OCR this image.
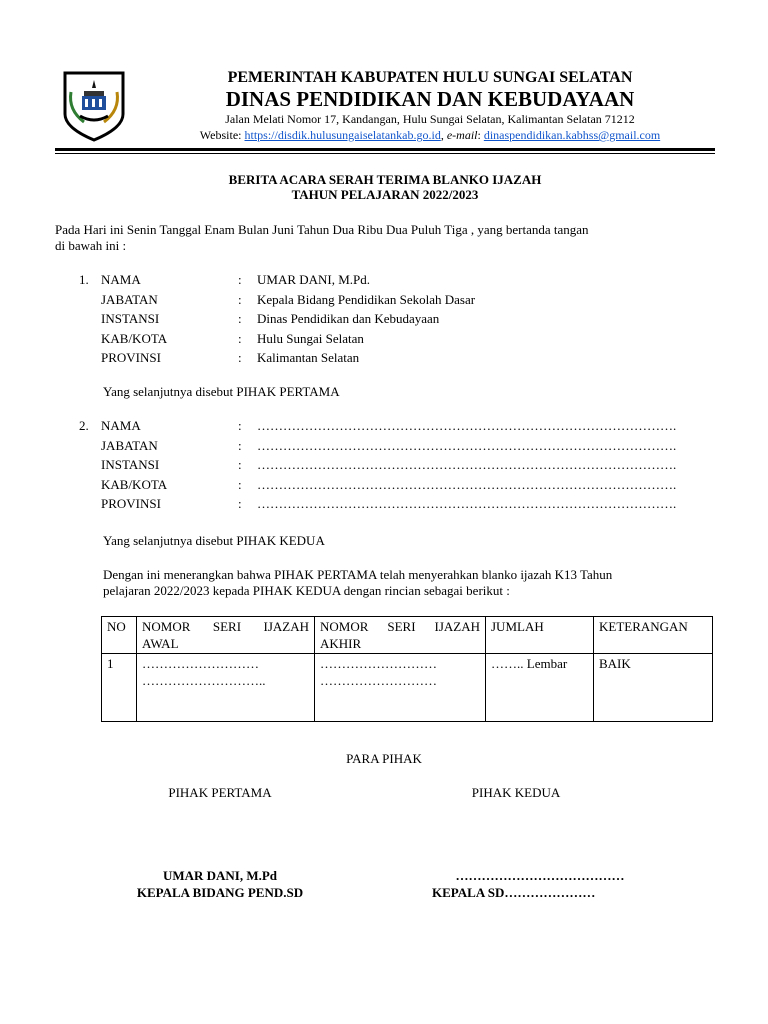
PEMERINTAH KABUPATEN HULU SUNGAI SELATAN
DINAS PENDIDIKAN DAN KEBUDAYAAN
Jalan Melati Nomor 17, Kandangan, Hulu Sungai Selatan, Kalimantan Selatan 71212
Website: https://disdik.hulusungaiselatankab.go.id, e-mail: dinaspendidikan.kabhss@gmail.com
BERITA ACARA SERAH TERIMA BLANKO IJAZAH
TAHUN PELAJARAN 2022/2023
Pada Hari ini Senin Tanggal Enam Bulan Juni Tahun Dua Ribu Dua Puluh Tiga , yang bertanda tangan
di bawah ini :
1. NAMA	: UMAR DANI, M.Pd.
JABATAN	: Kepala Bidang Pendidikan Sekolah Dasar
INSTANSI	: Dinas Pendidikan dan Kebudayaan
KAB/KOTA	: Hulu Sungai Selatan
PROVINSI	: Kalimantan Selatan
Yang selanjutnya disebut PIHAK PERTAMA
2. NAMA	: …………………………………………………………………………………….
JABATAN	: …………………………………………………………………………………….
INSTANSI	: …………………………………………………………………………………….
KAB/KOTA	: …………………………………………………………………………………….
PROVINSI	: …………………………………………………………………………………….
Yang selanjutnya disebut PIHAK KEDUA
Dengan ini menerangkan bahwa PIHAK PERTAMA telah menyerahkan blanko ijazah K13 Tahun
pelajaran 2022/2023 kepada PIHAK KEDUA dengan rincian sebagai berikut :
NO	NOMOR SERI IJAZAH AWAL	NOMOR SERI IJAZAH AKHIR	JUMLAH	KETERANGAN
1	……………………… ………………………..	……………………… ………………………	…….. Lembar	BAIK
PARA PIHAK
PIHAK PERTAMA	PIHAK KEDUA
UMAR DANI, M.Pd
KEPALA BIDANG PEND.SD
…………………………………
KEPALA SD…………………
